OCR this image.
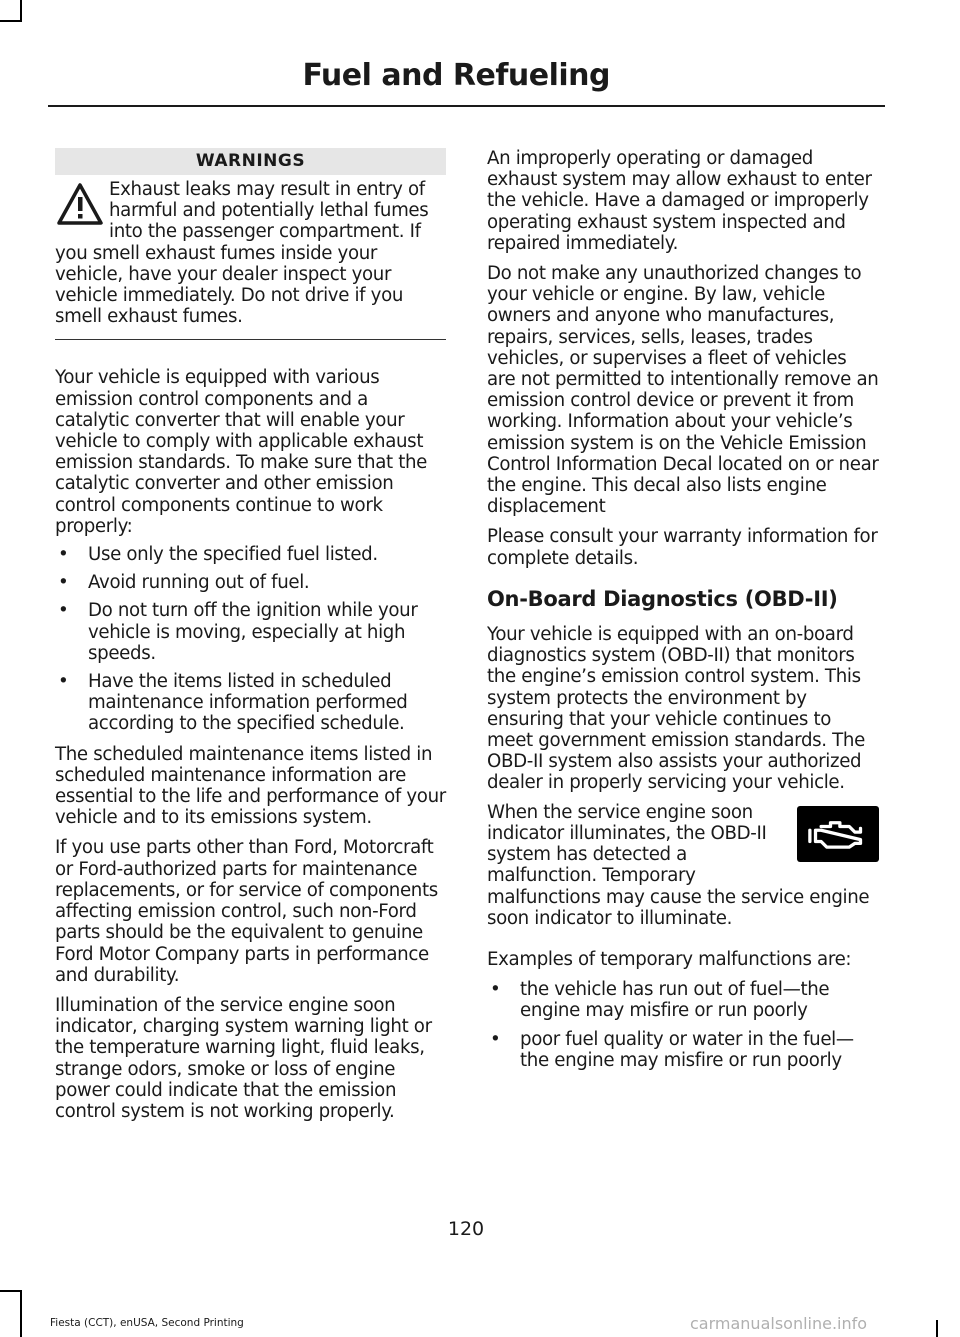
Fuel and Refueling
WARNINGS

Exhaust leaks may result in entry of harmful and potentially lethal fumes into the passenger compartment. If you smell exhaust fumes inside your vehicle, have your dealer inspect your vehicle immediately. Do not drive if you smell exhaust fumes.

Your vehicle is equipped with various emission control components and a catalytic converter that will enable your vehicle to comply with applicable exhaust emission standards. To make sure that the catalytic converter and other emission control components continue to work properly:

• Use only the specified fuel listed.
• Avoid running out of fuel.
• Do not turn off the ignition while your vehicle is moving, especially at high speeds.
• Have the items listed in scheduled maintenance information performed according to the specified schedule.

The scheduled maintenance items listed in scheduled maintenance information are essential to the life and performance of your vehicle and to its emissions system.

If you use parts other than Ford, Motorcraft or Ford-authorized parts for maintenance replacements, or for service of components affecting emission control, such non-Ford parts should be the equivalent to genuine Ford Motor Company parts in performance and durability.

Illumination of the service engine soon indicator, charging system warning light or the temperature warning light, fluid leaks, strange odors, smoke or loss of engine power could indicate that the emission control system is not working properly.

An improperly operating or damaged exhaust system may allow exhaust to enter the vehicle. Have a damaged or improperly operating exhaust system inspected and repaired immediately.

Do not make any unauthorized changes to your vehicle or engine. By law, vehicle owners and anyone who manufactures, repairs, services, sells, leases, trades vehicles, or supervises a fleet of vehicles are not permitted to intentionally remove an emission control device or prevent it from working. Information about your vehicle’s emission system is on the Vehicle Emission Control Information Decal located on or near the engine. This decal also lists engine displacement

Please consult your warranty information for complete details.

On-Board Diagnostics (OBD-II)

Your vehicle is equipped with an on-board diagnostics system (OBD-II) that monitors the engine’s emission control system. This system protects the environment by ensuring that your vehicle continues to meet government emission standards. The OBD-II system also assists your authorized dealer in properly servicing your vehicle.

When the service engine soon indicator illuminates, the OBD-II system has detected a malfunction. Temporary malfunctions may cause the service engine soon indicator to illuminate.

Examples of temporary malfunctions are:

• the vehicle has run out of fuel—the engine may misfire or run poorly
• poor fuel quality or water in the fuel—the engine may misfire or run poorly
120
Fiesta (CCT), enUSA, Second Printing	carmanualsonline.info
